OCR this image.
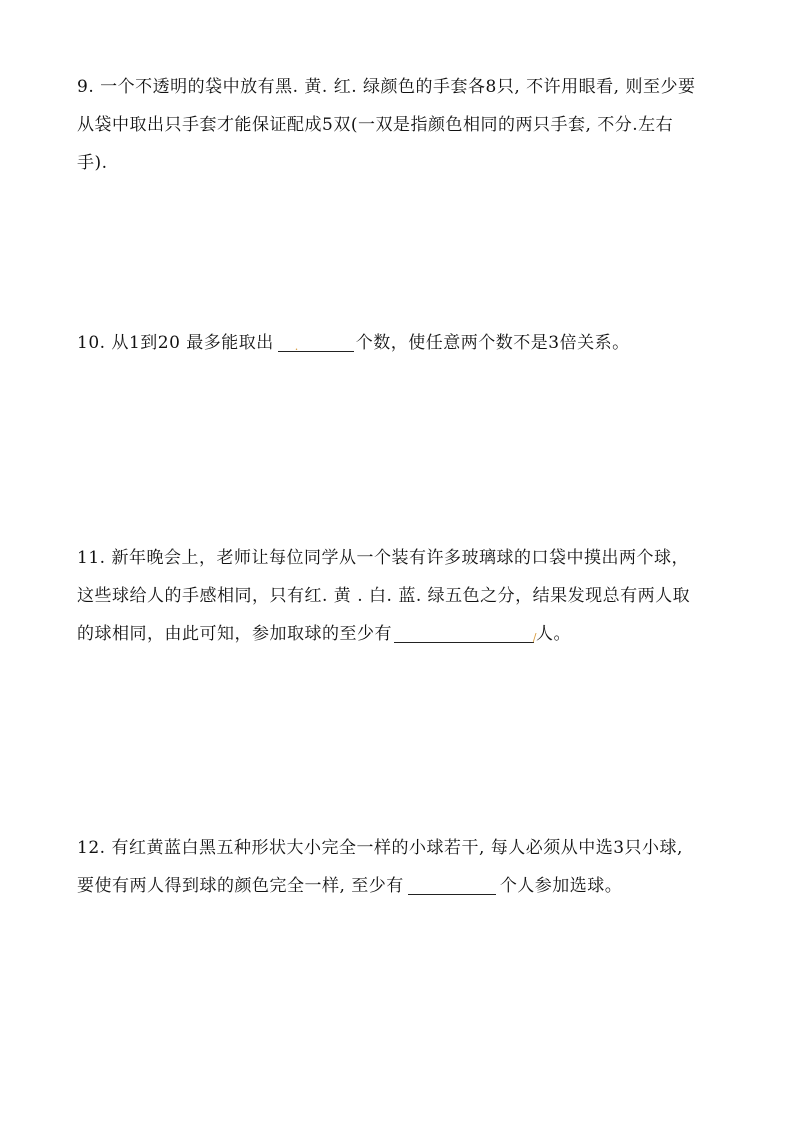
9. 一个不透明的袋中放有黑. 黄. 红. 绿颜色的手套各8只, 不许用眼看, 则至少要
从袋中取出只手套才能保证配成5双(一双是指颜色相同的两只手套, 不分.左右
手).
10. 从1到20 最多能取出 .	个数，使任意两个数不是3倍关系。
11. 新年晚会上，老师让每位同学从一个装有许多玻璃球的口袋中摸出两个球，
这些球给人的手感相同，只有红. 黄 . 白. 蓝. 绿五色之分，结果发现总有两人取
的球相同，由此可知，参加取球的至少有	/ 人。
12. 有红黄蓝白黑五种形状大小完全一样的小球若干, 每人必须从中选3只小球,
要使有两人得到球的颜色完全一样, 至少有	个人参加选球。
